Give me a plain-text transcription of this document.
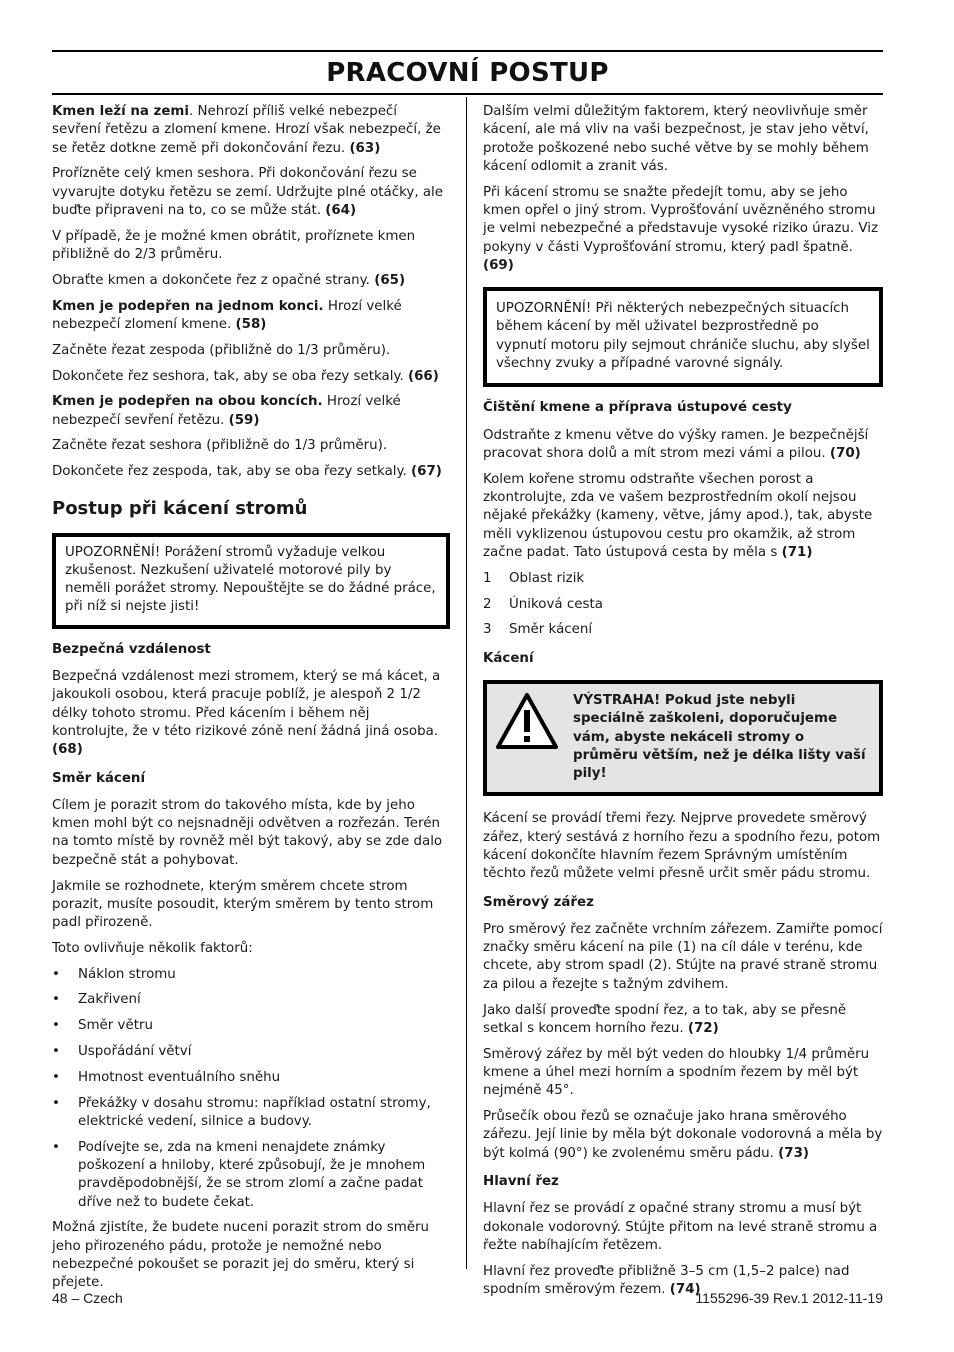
PRACOVNÍ POSTUP

Kmen leží na zemi. Nehrozí příliš velké nebezpečí sevření řetězu a zlomení kmene. Hrozí však nebezpečí, že se řetěz dotkne země při dokončování řezu. (63)

Prořízněte celý kmen seshora. Při dokončování řezu se vyvarujte dotyku řetězu se zemí. Udržujte plné otáčky, ale buďte připraveni na to, co se může stát. (64)

V případě, že je možné kmen obrátit, proříznete kmen přibližně do 2/3 průměru.

Obraťte kmen a dokončete řez z opačné strany. (65)

Kmen je podepřen na jednom konci. Hrozí velké nebezpečí zlomení kmene. (58)

Začněte řezat zespoda (přibližně do 1/3 průměru).

Dokončete řez seshora, tak, aby se oba řezy setkaly. (66)

Kmen je podepřen na obou koncích. Hrozí velké nebezpečí sevření řetězu. (59)

Začněte řezat seshora (přibližně do 1/3 průměru).

Dokončete řez zespoda, tak, aby se oba řezy setkaly. (67)

Postup při kácení stromů

UPOZORNĚNÍ! Porážení stromů vyžaduje velkou zkušenost. Nezkušení uživatelé motorové pily by neměli porážet stromy. Nepouštějte se do žádné práce, při níž si nejste jisti!

Bezpečná vzdálenost

Bezpečná vzdálenost mezi stromem, který se má kácet, a jakoukoli osobou, která pracuje poblíž, je alespoň 2 1/2 délky tohoto stromu. Před kácením i během něj kontrolujte, že v této rizikové zóně není žádná jiná osoba. (68)

Směr kácení

Cílem je porazit strom do takového místa, kde by jeho kmen mohl být co nejsnadněji odvětven a rozřezán. Terén na tomto místě by rovněž měl být takový, aby se zde dalo bezpečně stát a pohybovat.

Jakmile se rozhodnete, kterým směrem chcete strom porazit, musíte posoudit, kterým směrem by tento strom padl přirozeně.

Toto ovlivňuje několik faktorů:

• Náklon stromu
• Zakřivení
• Směr větru
• Uspořádání větví
• Hmotnost eventuálního sněhu
• Překážky v dosahu stromu: například ostatní stromy, elektrické vedení, silnice a budovy.
• Podívejte se, zda na kmeni nenajdete známky poškození a hniloby, které způsobují, že je mnohem pravděpodobnější, že se strom zlomí a začne padat dříve než to budete čekat.

Možná zjistíte, že budete nuceni porazit strom do směru jeho přirozeného pádu, protože je nemožné nebo nebezpečné pokoušet se porazit jej do směru, který si přejete.

Dalším velmi důležitým faktorem, který neovlivňuje směr kácení, ale má vliv na vaši bezpečnost, je stav jeho větví, protože poškozené nebo suché větve by se mohly během kácení odlomit a zranit vás.

Při kácení stromu se snažte předejít tomu, aby se jeho kmen opřel o jiný strom. Vyprošťování uvězněného stromu je velmi nebezpečné a představuje vysoké riziko úrazu. Viz pokyny v části Vyprošťování stromu, který padl špatně. (69)

UPOZORNĚNÍ! Při některých nebezpečných situacích během kácení by měl uživatel bezprostředně po vypnutí motoru pily sejmout chrániče sluchu, aby slyšel všechny zvuky a případné varovné signály.

Čištění kmene a příprava ústupové cesty

Odstraňte z kmenu větve do výšky ramen. Je bezpečnější pracovat shora dolů a mít strom mezi vámi a pilou. (70)

Kolem kořene stromu odstraňte všechen porost a zkontrolujte, zda ve vašem bezprostředním okolí nejsou nějaké překážky (kameny, větve, jámy apod.), tak, abyste měli vyklizenou ústupovou cestu pro okamžik, až strom začne padat. Tato ústupová cesta by měla s (71)

1 Oblast rizik
2 Úniková cesta
3 Směr kácení
Kácení

VÝSTRAHA! Pokud jste nebyli speciálně zaškoleni, doporučujeme vám, abyste nekáceli stromy o průměru větším, než je délka lišty vaší pily!

Kácení se provádí třemi řezy. Nejprve provedete směrový zářez, který sestává z horního řezu a spodního řezu, potom kácení dokončíte hlavním řezem Správným umístěním těchto řezů můžete velmi přesně určit směr pádu stromu.

Směrový zářez

Pro směrový řez začněte vrchním zářezem. Zamiřte pomocí značky směru kácení na pile (1) na cíl dále v terénu, kde chcete, aby strom spadl (2). Stújte na pravé straně stromu za pilou a řezejte s tažným zdvihem.

Jako další proveďte spodní řez, a to tak, aby se přesně setkal s koncem horního řezu. (72)

Směrový zářez by měl být veden do hloubky 1/4 průměru kmene a úhel mezi horním a spodním řezem by měl být nejméně 45°.

Průsečík obou řezů se označuje jako hrana směrového zářezu. Její linie by měla být dokonale vodorovná a měla by být kolmá (90°) ke zvolenému směru pádu. (73)

Hlavní řez

Hlavní řez se provádí z opačné strany stromu a musí být dokonale vodorovný. Stújte přitom na levé straně stromu a řežte nabíhajícím řetězem.

Hlavní řez proveďte přibližně 3–5 cm (1,5–2 palce) nad spodním směrovým řezem. (74)

48 – Czech	1155296-39 Rev.1 2012-11-19
